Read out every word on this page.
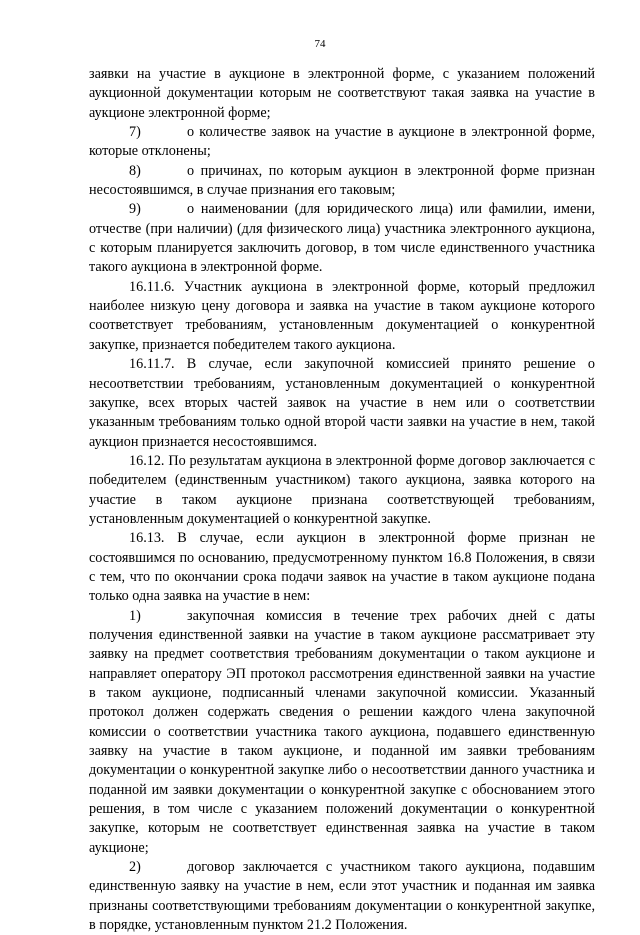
74

заявки на участие в аукционе в электронной форме, с указанием положений аукционной документации которым не соответствуют такая заявка на участие в аукционе электронной форме;

7)	о количестве заявок на участие в аукционе в электронной форме, которые отклонены;

8)	о причинах, по которым аукцион в электронной форме признан несостоявшимся, в случае признания его таковым;

9)	о наименовании (для юридического лица) или фамилии, имени, отчестве (при наличии) (для физического лица) участника электронного аукциона, с которым планируется заключить договор, в том числе единственного участника такого аукциона в электронной форме.

16.11.6. Участник аукциона в электронной форме, который предложил наиболее низкую цену договора и заявка на участие в таком аукционе которого соответствует требованиям, установленным документацией о конкурентной закупке, признается победителем такого аукциона.

16.11.7. В случае, если закупочной комиссией принято решение о несоответствии требованиям, установленным документацией о конкурентной закупке, всех вторых частей заявок на участие в нем или о соответствии указанным требованиям только одной второй части заявки на участие в нем, такой аукцион признается несостоявшимся.

16.12. По результатам аукциона в электронной форме договор заключается с победителем (единственным участником) такого аукциона, заявка которого на участие в таком аукционе признана соответствующей требованиям, установленным документацией о конкурентной закупке.

16.13. В случае, если аукцион в электронной форме признан не состоявшимся по основанию, предусмотренному пунктом 16.8 Положения, в связи с тем, что по окончании срока подачи заявок на участие в таком аукционе подана только одна заявка на участие в нем:

1)	закупочная комиссия в течение трех рабочих дней с даты получения единственной заявки на участие в таком аукционе рассматривает эту заявку на предмет соответствия требованиям документации о таком аукционе и направляет оператору ЭП протокол рассмотрения единственной заявки на участие в таком аукционе, подписанный членами закупочной комиссии. Указанный протокол должен содержать сведения о решении каждого члена закупочной комиссии о соответствии участника такого аукциона, подавшего единственную заявку на участие в таком аукционе, и поданной им заявки требованиям документации о конкурентной закупке либо о несоответствии данного участника и поданной им заявки документации о конкурентной закупке с обоснованием этого решения, в том числе с указанием положений документации о конкурентной закупке, которым не соответствует единственная заявка на участие в таком аукционе;

2)	договор заключается с участником такого аукциона, подавшим единственную заявку на участие в нем, если этот участник и поданная им заявка признаны соответствующими требованиям документации о конкурентной закупке, в порядке, установленным пунктом 21.2 Положения.
